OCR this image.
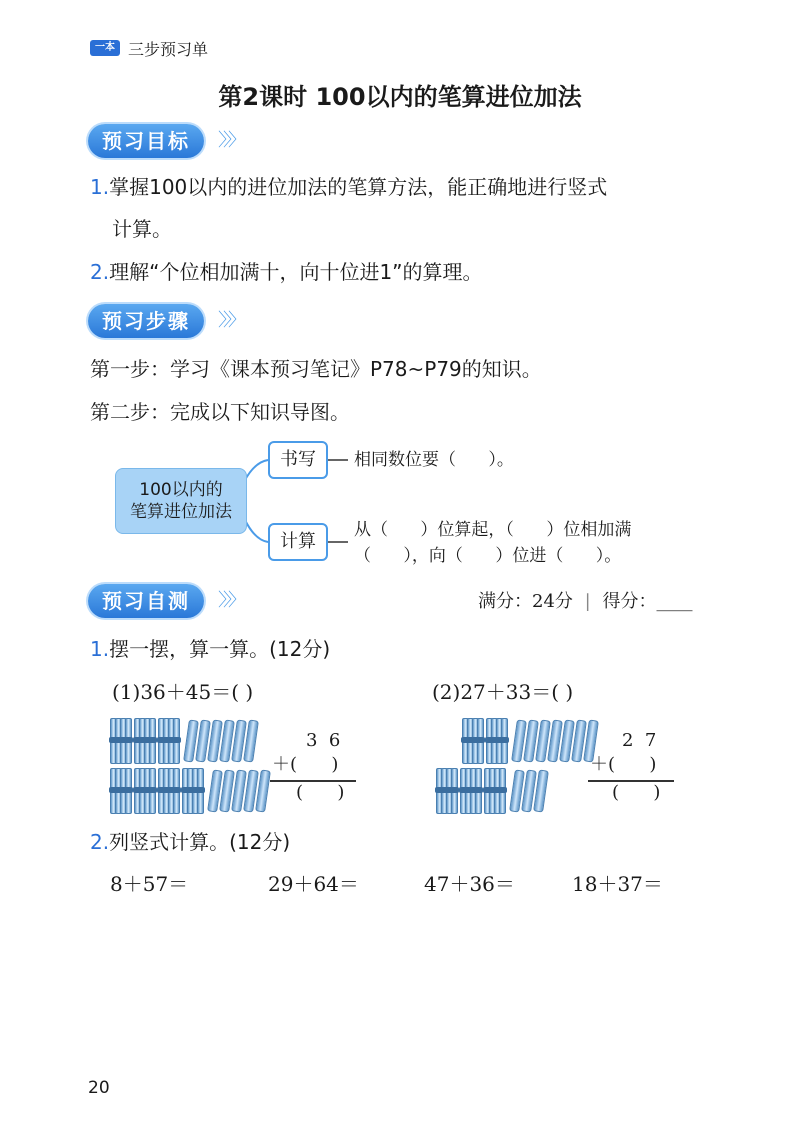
一本 三步预习单
第2课时 100以内的笔算进位加法
预习目标	〉〉〉
1.掌握100以内的进位加法的笔算方法，能正确地进行竖式
计算。
2.理解“个位相加满十，向十位进1”的算理。
预习步骤	〉〉〉
第一步：学习《课本预习笔记》P78~P79的知识。
第二步：完成以下知识导图。
100以内的
笔算进位加法
书写	相同数位要（      ）。
计算
从（      ）位算起，（      ）位相加满
（      ），向（      ）位进（      ）。
预习自测	〉〉〉	满分：24分 | 得分：____
1.摆一摆，算一算。(12分)
(1)36＋45＝( )	(2)27＋33＝( )
3  6
＋(      )
(      )
2  7
＋(      )
(      )
2.列竖式计算。(12分)
8＋57＝	29＋64＝	47＋36＝	18＋37＝
20
